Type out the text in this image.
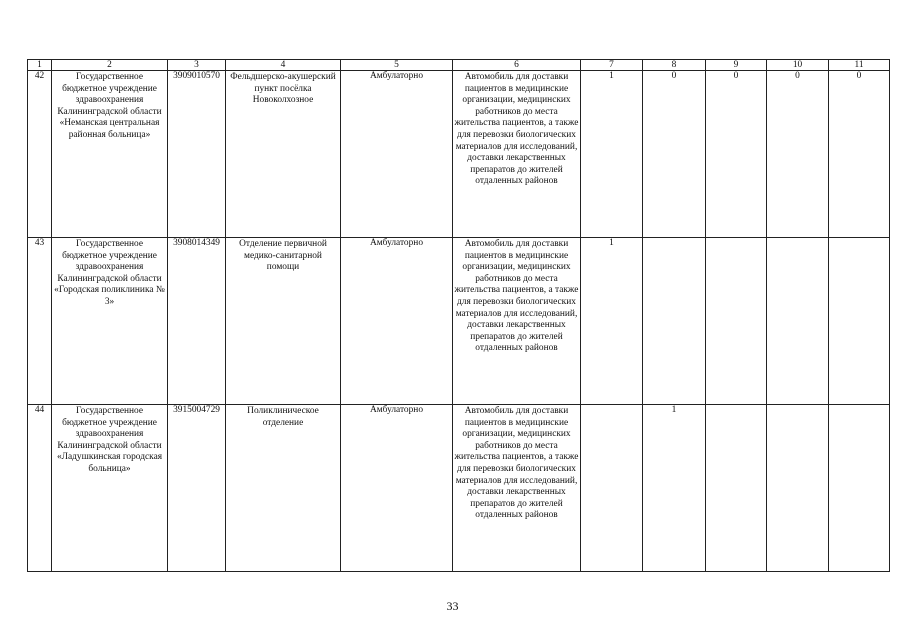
1	2	3	4	5	6	7	8	9	10	11
42	Государственное бюджетное учреждение здравоохранения Калининградской области «Неманская центральная районная больница»	3909010570	Фельдшерско-акушерский пункт посёлка Новоколхозное	Амбулаторно	Автомобиль для доставки пациентов в медицинские организации, медицинских работников до места жительства пациентов, а также для перевозки биологических материалов для исследований, доставки лекарственных препаратов до жителей отдаленных районов	1	0	0	0	0
43	Государственное бюджетное учреждение здравоохранения Калининградской области «Городская поликлиника № 3»	3908014349	Отделение первичной медико-санитарной помощи	Амбулаторно	Автомобиль для доставки пациентов в медицинские организации, медицинских работников до места жительства пациентов, а также для перевозки биологических материалов для исследований, доставки лекарственных препаратов до жителей отдаленных районов	1				
44	Государственное бюджетное учреждение здравоохранения Калининградской области «Ладушкинская городская больница»	3915004729	Поликлиническое отделение	Амбулаторно	Автомобиль для доставки пациентов в медицинские организации, медицинских работников до места жительства пациентов, а также для перевозки биологических материалов для исследований, доставки лекарственных препаратов до жителей отдаленных районов		1			
33
